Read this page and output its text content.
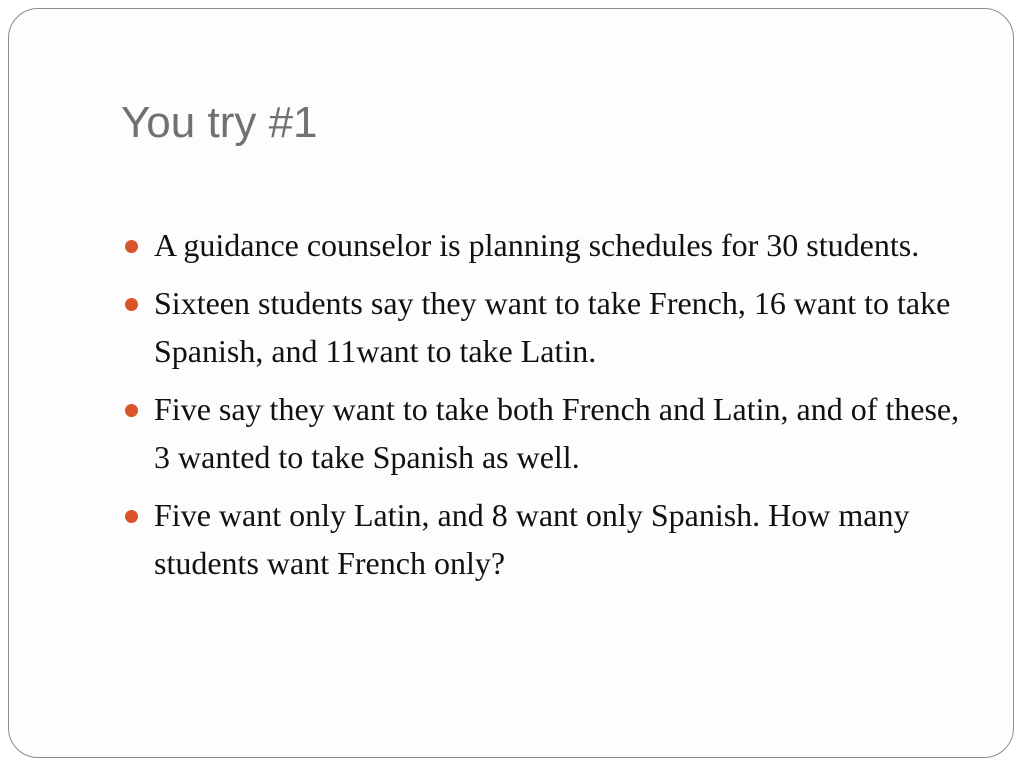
You try #1
A guidance counselor is planning schedules for 30 students.
Sixteen students say they want to take French, 16 want to take Spanish, and 11want to take Latin.
Five say they want to take both French and Latin, and of these, 3 wanted to take Spanish as well.
Five want only Latin, and 8 want only Spanish. How many students want French only?
